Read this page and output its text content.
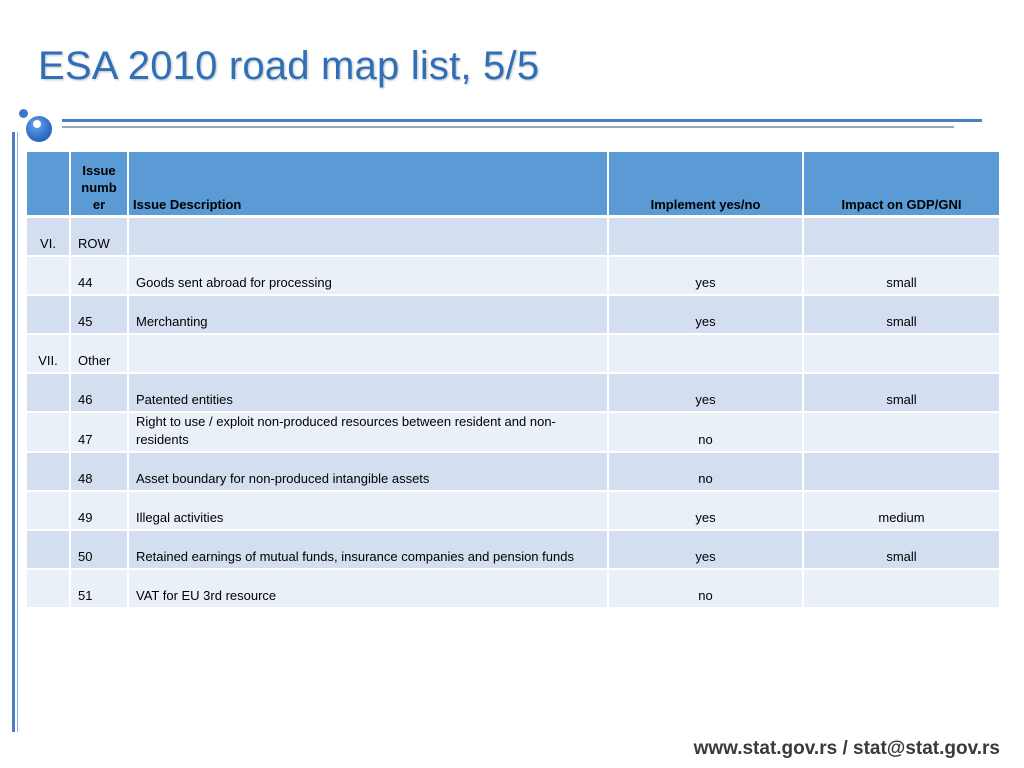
ESA 2010 road map list, 5/5
	Issue numb er	Issue Description	Implement yes/no	Impact on GDP/GNI
VI.	ROW			
	44	Goods sent abroad for processing	yes	small
	45	Merchanting	yes	small
VII.	Other			
	46	Patented entities	yes	small
	47	Right to use / exploit non-produced resources between resident and non-residents	no	
	48	Asset boundary for non-produced intangible assets	no	
	49	Illegal activities	yes	medium
	50	Retained earnings of mutual funds, insurance companies and pension funds	yes	small
	51	VAT for EU 3rd resource	no	
www.stat.gov.rs / stat@stat.gov.rs
